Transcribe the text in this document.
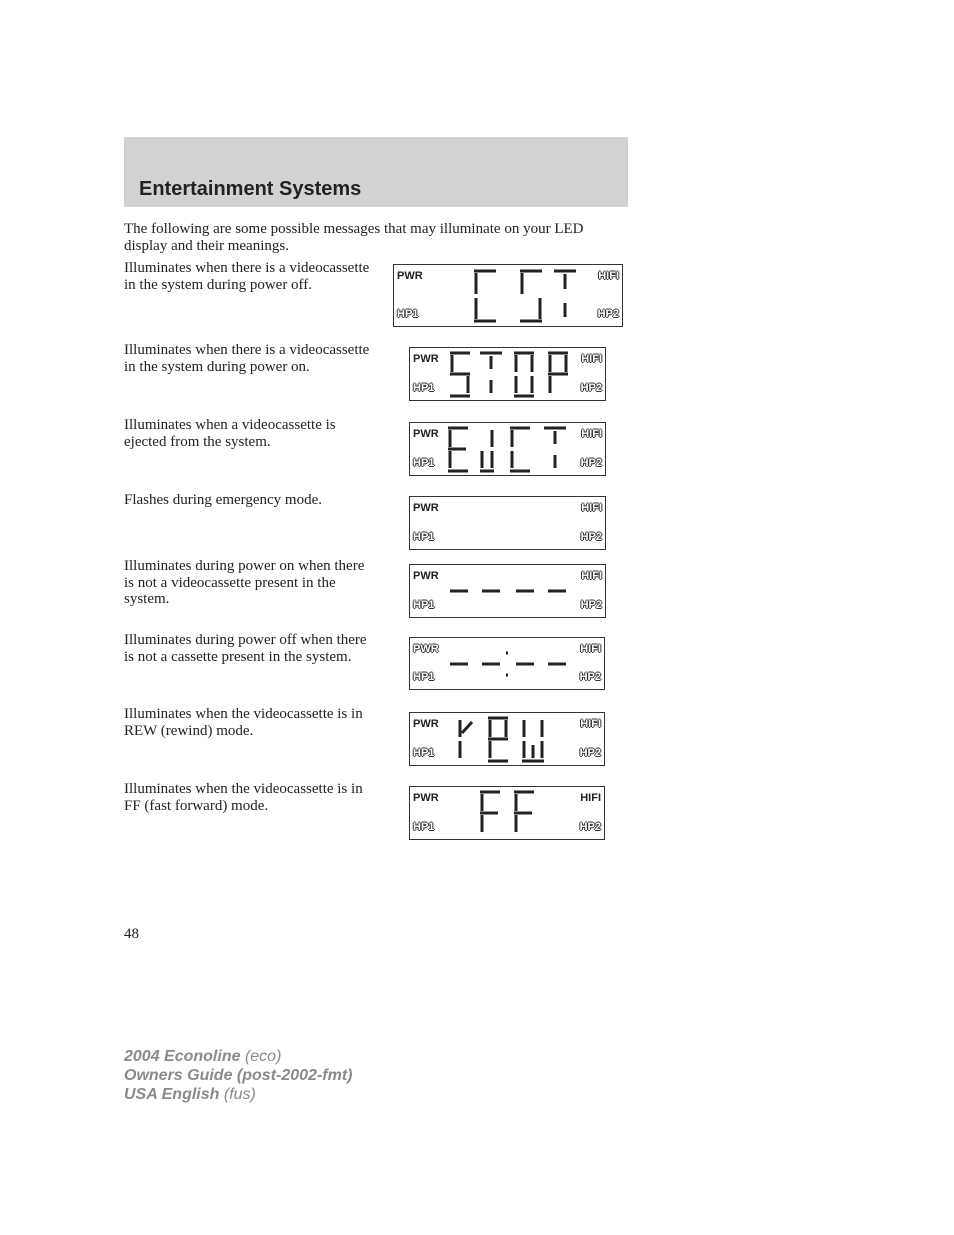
Entertainment Systems
The following are some possible messages that may illuminate on your LED display and their meanings.
Illuminates when there is a videocassette in the system during power off.
PWR	HIFI
HP1	HP2
Illuminates when there is a videocassette in the system during power on.	PWR	HIFI
HP1	HP2
Illuminates when a videocassette is ejected from the system.	PWR	HIFI
HP1	HP2
Flashes during emergency mode.	PWR	HIFI
HP1	HP2
Illuminates during power on when there is not a videocassette present in the system.
PWR	HIFI
HP1	HP2
Illuminates during power off when there is not a cassette present in the system.	PWR	HIFI
HP1	HP2
Illuminates when the videocassette is in REW (rewind) mode.	PWR	HIFI
HP1	HP2
Illuminates when the videocassette is in FF (fast forward) mode.	PWR	HIFI
HP1	HP2
48
2004 Econoline (eco)
Owners Guide (post-2002-fmt)
USA English (fus)
